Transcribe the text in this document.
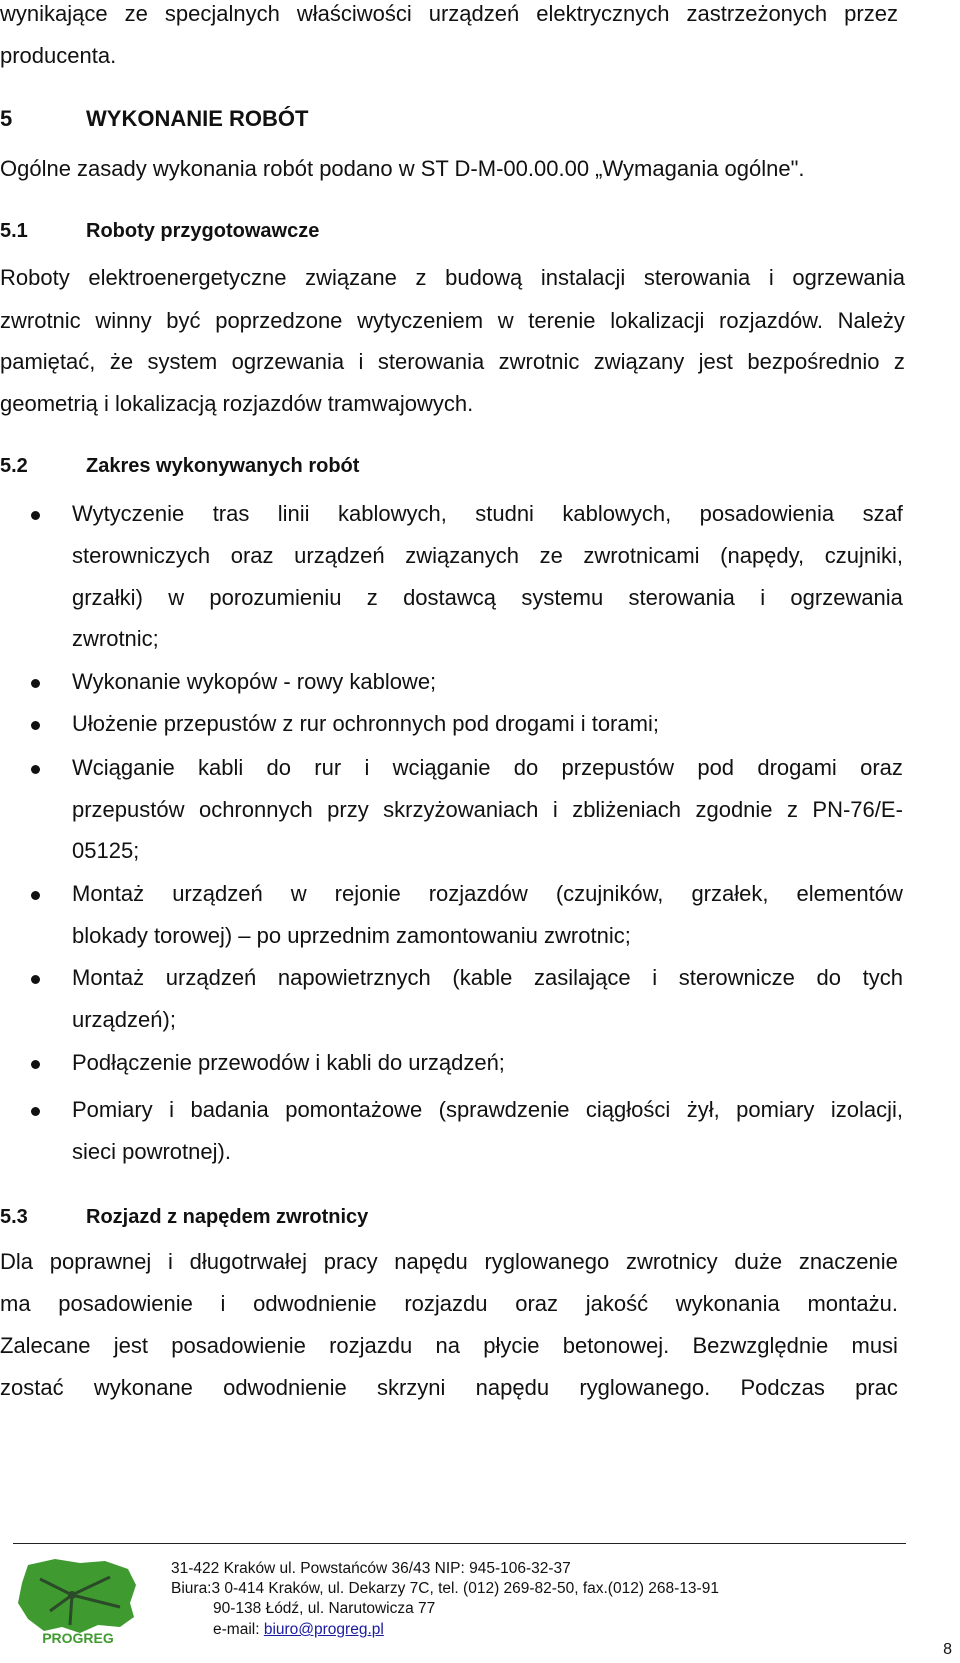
wynikające ze specjalnych właściwości urządzeń elektrycznych zastrzeżonych przez
producenta.
5	WYKONANIE ROBÓT
Ogólne zasady wykonania robót podano w ST D-M-00.00.00 „Wymagania ogólne".
5.1	Roboty przygotowawcze
Roboty elektroenergetyczne związane z budową instalacji sterowania i ogrzewania
zwrotnic winny być poprzedzone wytyczeniem w terenie lokalizacji rozjazdów. Należy
pamiętać, że system ogrzewania i sterowania zwrotnic związany jest bezpośrednio z
geometrią i lokalizacją rozjazdów tramwajowych.
5.2	Zakres wykonywanych robót
Wytyczenie tras linii kablowych, studni kablowych, posadowienia szaf
sterowniczych oraz urządzeń związanych ze zwrotnicami (napędy, czujniki,
grzałki) w porozumieniu z dostawcą systemu sterowania i ogrzewania
zwrotnic;
Wykonanie wykopów - rowy kablowe;
Ułożenie przepustów z rur ochronnych pod drogami i torami;
Wciąganie kabli do rur i wciąganie do przepustów pod drogami oraz
przepustów ochronnych przy skrzyżowaniach i zbliżeniach zgodnie z PN-76/E-
05125;
Montaż urządzeń w rejonie rozjazdów (czujników, grzałek, elementów
blokady torowej) – po uprzednim zamontowaniu zwrotnic;
Montaż urządzeń napowietrznych (kable zasilające i sterownicze do tych
urządzeń);
Podłączenie przewodów i kabli do urządzeń;
Pomiary i badania pomontażowe (sprawdzenie ciągłości żył, pomiary izolacji,
sieci powrotnej).
5.3	Rozjazd z napędem zwrotnicy
Dla poprawnej i długotrwałej pracy napędu ryglowanego zwrotnicy duże znaczenie
ma posadowienie i odwodnienie rozjazdu oraz jakość wykonania montażu.
Zalecane jest posadowienie rozjazdu na płycie betonowej. Bezwzględnie musi
zostać wykonane odwodnienie skrzyni napędu ryglowanego. Podczas prac
PROGREG
31-422 Kraków ul. Powstańców 36/43 NIP: 945-106-32-37
Biura:3 0-414 Kraków, ul. Dekarzy 7C, tel. (012) 269-82-50, fax.(012) 268-13-91
90-138 Łódź, ul. Narutowicza 77
e-mail: biuro@progreg.pl
8
